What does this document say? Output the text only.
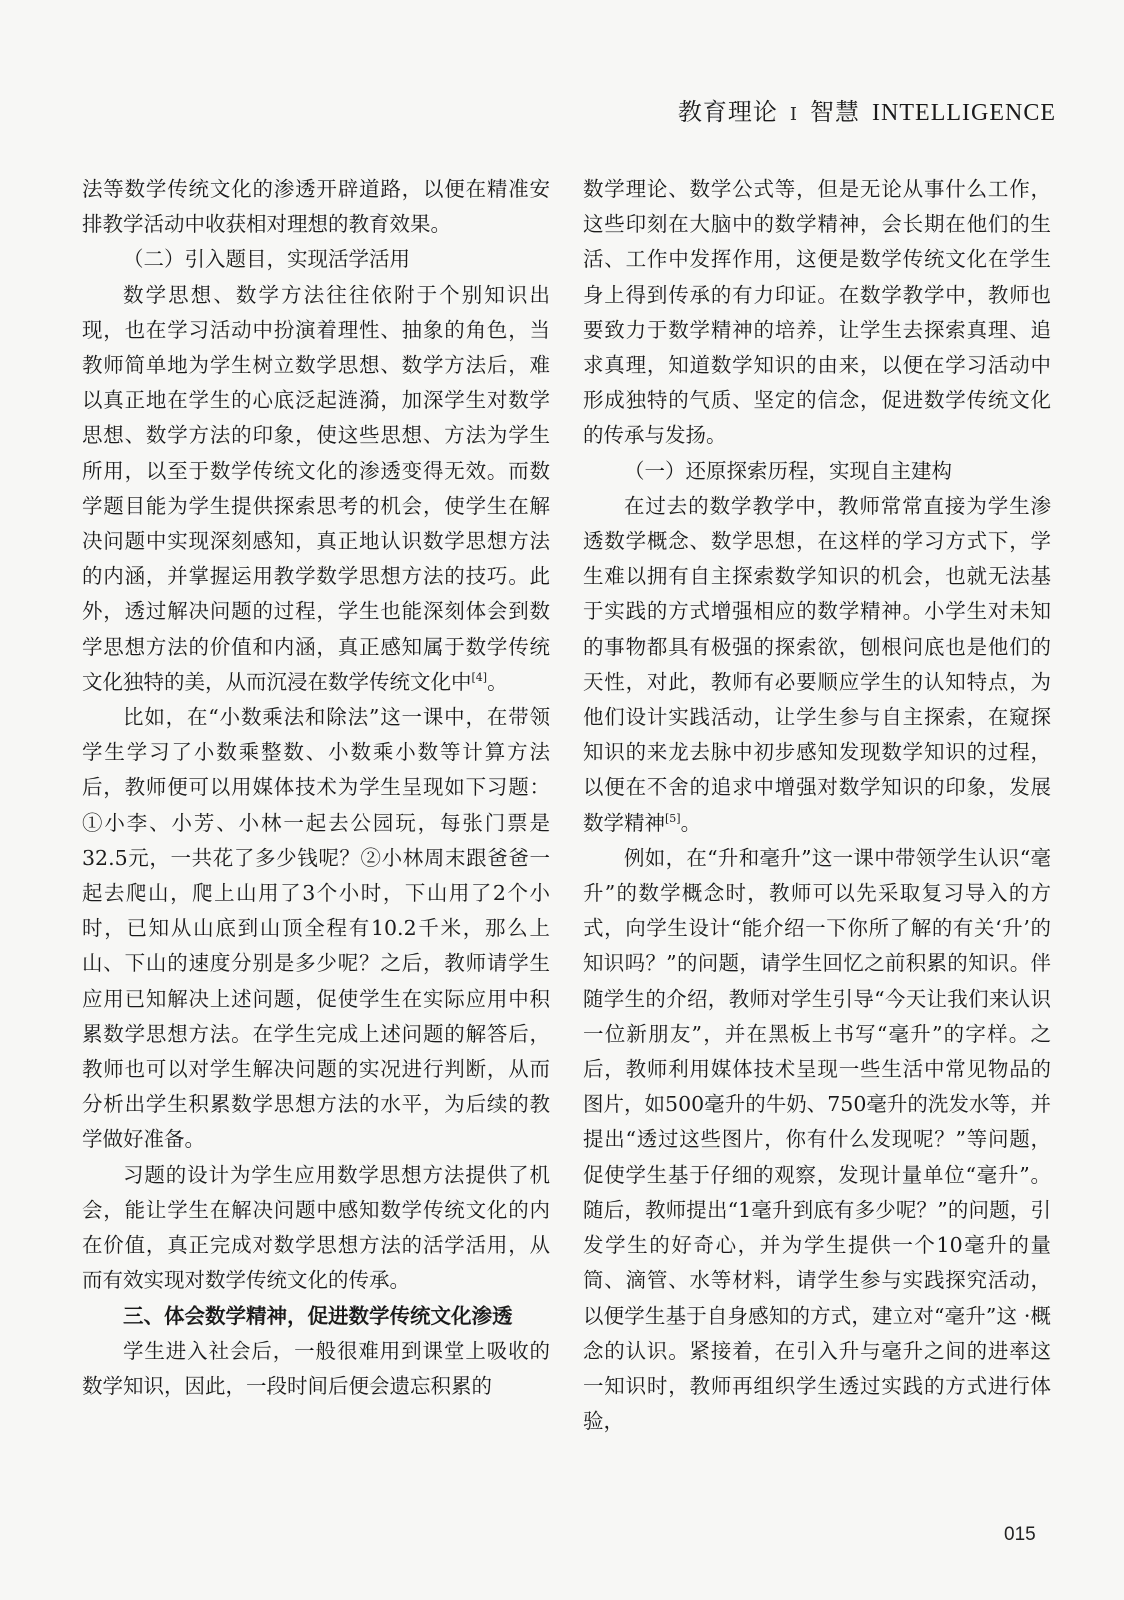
教育理论 I 智慧 INTELLIGENCE

法等数学传统文化的渗透开辟道路，以便在精准安排教学活动中收获相对理想的教育效果。

（二）引入题目，实现活学活用

数学思想、数学方法往往依附于个别知识出现，也在学习活动中扮演着理性、抽象的角色，当教师简单地为学生树立数学思想、数学方法后，难以真正地在学生的心底泛起涟漪，加深学生对数学思想、数学方法的印象，使这些思想、方法为学生所用，以至于数学传统文化的渗透变得无效。而数学题目能为学生提供探索思考的机会，使学生在解决问题中实现深刻感知，真正地认识数学思想方法的内涵，并掌握运用教学数学思想方法的技巧。此外，透过解决问题的过程，学生也能深刻体会到数学思想方法的价值和内涵，真正感知属于数学传统文化独特的美，从而沉浸在数学传统文化中[4]。

比如，在“小数乘法和除法”这一课中，在带领学生学习了小数乘整数、小数乘小数等计算方法后，教师便可以用媒体技术为学生呈现如下习题：①小李、小芳、小林一起去公园玩，每张门票是32.5元，一共花了多少钱呢？②小林周末跟爸爸一起去爬山，爬上山用了3个小时，下山用了2个小时，已知从山底到山顶全程有10.2千米，那么上山、下山的速度分别是多少呢？之后，教师请学生应用已知解决上述问题，促使学生在实际应用中积累数学思想方法。在学生完成上述问题的解答后，教师也可以对学生解决问题的实况进行判断，从而分析出学生积累数学思想方法的水平，为后续的教学做好准备。

习题的设计为学生应用数学思想方法提供了机会，能让学生在解决问题中感知数学传统文化的内在价值，真正完成对数学思想方法的活学活用，从而有效实现对数学传统文化的传承。

三、体会数学精神，促进数学传统文化渗透

学生进入社会后，一般很难用到课堂上吸收的数学知识，因此，一段时间后便会遗忘积累的

数学理论、数学公式等，但是无论从事什么工作，这些印刻在大脑中的数学精神，会长期在他们的生活、工作中发挥作用，这便是数学传统文化在学生身上得到传承的有力印证。在数学教学中，教师也要致力于数学精神的培养，让学生去探索真理、追求真理，知道数学知识的由来，以便在学习活动中形成独特的气质、坚定的信念，促进数学传统文化的传承与发扬。

（一）还原探索历程，实现自主建构

在过去的数学教学中，教师常常直接为学生渗透数学概念、数学思想，在这样的学习方式下，学生难以拥有自主探索数学知识的机会，也就无法基于实践的方式增强相应的数学精神。小学生对未知的事物都具有极强的探索欲，刨根问底也是他们的天性，对此，教师有必要顺应学生的认知特点，为他们设计实践活动，让学生参与自主探索，在窥探知识的来龙去脉中初步感知发现数学知识的过程，以便在不舍的追求中增强对数学知识的印象，发展数学精神[5]。

例如，在“升和毫升”这一课中带领学生认识“毫升”的数学概念时，教师可以先采取复习导入的方式，向学生设计“能介绍一下你所了解的有关‘升’的知识吗？”的问题，请学生回忆之前积累的知识。伴随学生的介绍，教师对学生引导“今天让我们来认识一位新朋友”，并在黑板上书写“毫升”的字样。之后，教师利用媒体技术呈现一些生活中常见物品的图片，如500毫升的牛奶、750毫升的洗发水等，并提出“透过这些图片，你有什么发现呢？”等问题，促使学生基于仔细的观察，发现计量单位“毫升”。随后，教师提出“1毫升到底有多少呢？”的问题，引发学生的好奇心，并为学生提供一个10毫升的量筒、滴管、水等材料，请学生参与实践探究活动，以便学生基于自身感知的方式，建立对“毫升”这 ·概念的认识。紧接着，在引入升与毫升之间的进率这一知识时，教师再组织学生透过实践的方式进行体验，

015
